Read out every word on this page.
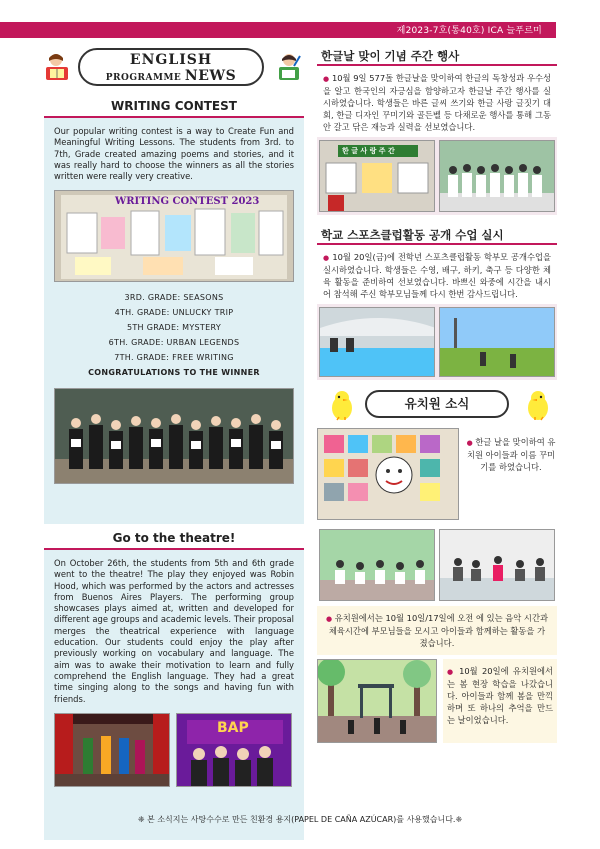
제2023-7호(통40호) ICA 늘푸르미
ENGLISH
PROGRAMME NEWS
WRITING CONTEST
Our popular writing contest is a way to Create Fun and Meaningful Writing Lessons. The students from 3rd. to 7th, Grade created amazing poems and stories, and it was really hard to choose the winners as all the stories written were really very creative.
WRITING CONTEST 2023
3RD. GRADE: SEASONS
4TH. GRADE: UNLUCKY TRIP
5TH GRADE: MYSTERY
6TH. GRADE: URBAN LEGENDS
7TH. GRADE: FREE WRITING
CONGRATULATIONS TO THE WINNER
Go to the theatre!
On October 26th, the students from 5th and 6th grade went to the theatre! The play they enjoyed was Robin Hood, which was performed by the actors and actresses from Buenos Aires Players. The performing group showcases plays aimed at, written and developed for different age groups and academic levels. Their proposal merges the theatrical experience with language education. Our students could enjoy the play after previously working on vocabulary and language. The aim was to awake their motivation to learn and fully comprehend the English language. They had a great time singing along to the songs and having fun with friends.
BAP
한글날 맞이 기념 주간 행사
● 10월 9일 577돌 한글날을 맞이하여 한글의 독창성과 우수성을 알고 한국인의 자긍심을 함양하고자 한글날 주간 행사를 실시하였습니다. 학생들은 바른 글씨 쓰기와 한글 사랑 글짓기 대회, 한글 디자인 꾸미기와 골든벨 등 다채로운 행사를 통해 그동안 갈고 닦은 재능과 실력을 선보였습니다.
한 글 사 랑 주 간
학교 스포츠클럽활동 공개 수업 실시
● 10월 20일(금)에 전학년 스포츠클럽활동 학부모 공개수업을 실시하였습니다. 학생들은 수영, 배구, 하키, 축구 등 다양한 체육 활동을 준비하여 선보였습니다. 바쁘신 와중에 시간을 내시어 참석해 주신 학부모님들께 다시 한번 감사드립니다.
유치원 소식
● 한글 날을 맞이하여 유치원 아이들과 이름 꾸미기를 하였습니다.
● 유치원에서는 10월 10일/17일에 오전 에 있는 음악 시간과 체육시간에 부모님들을 모시고 아이들과 함께하는 활동을 가졌습니다.
● 10월 20일에 유치원에서는 봄 현장 학습을 나갔습니다. 아이들과 함께 봄을 만끽하며 또 하나의 추억을 만드는 날이었습니다.
❈ 본 소식지는 사탕수수로 만든 친환경 용지(PAPEL DE CAÑA AZÚCAR)를 사용했습니다.❈
